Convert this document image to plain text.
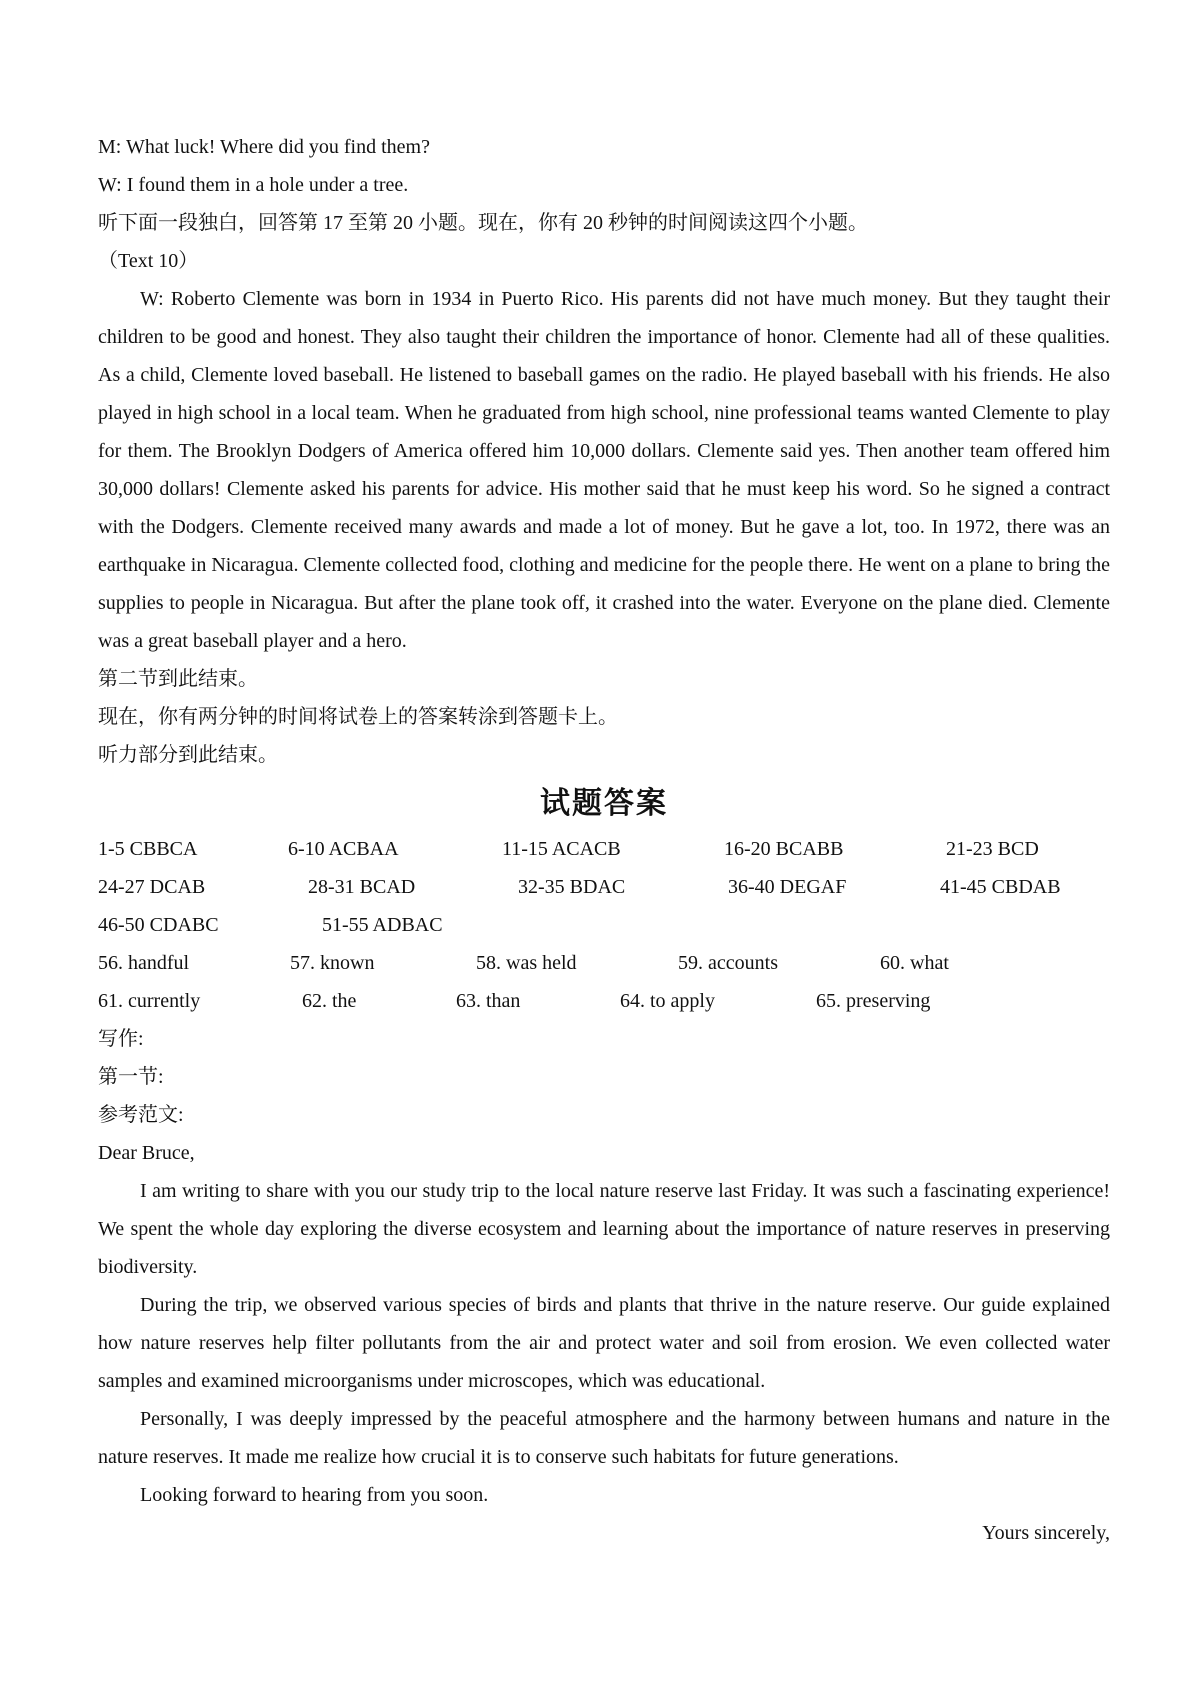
M: What luck! Where did you find them?
W: I found them in a hole under a tree.
听下面一段独白，回答第 17 至第 20 小题。现在，你有 20 秒钟的时间阅读这四个小题。
（Text 10）
W: Roberto Clemente was born in 1934 in Puerto Rico. His parents did not have much money. But they taught their children to be good and honest. They also taught their children the importance of honor. Clemente had all of these qualities. As a child, Clemente loved baseball. He listened to baseball games on the radio. He played baseball with his friends. He also played in high school in a local team. When he graduated from high school, nine professional teams wanted Clemente to play for them. The Brooklyn Dodgers of America offered him 10,000 dollars. Clemente said yes. Then another team offered him 30,000 dollars! Clemente asked his parents for advice. His mother said that he must keep his word. So he signed a contract with the Dodgers. Clemente received many awards and made a lot of money. But he gave a lot, too. In 1972, there was an earthquake in Nicaragua. Clemente collected food, clothing and medicine for the people there. He went on a plane to bring the supplies to people in Nicaragua. But after the plane took off, it crashed into the water. Everyone on the plane died. Clemente was a great baseball player and a hero.
第二节到此结束。
现在，你有两分钟的时间将试卷上的答案转涂到答题卡上。
听力部分到此结束。
试题答案
1-5 CBBCA	6-10 ACBAA	11-15 ACACB	16-20 BCABB	21-23 BCD
24-27 DCAB	28-31 BCAD	32-35 BDAC	36-40 DEGAF	41-45 CBDAB
46-50 CDABC	51-55 ADBAC
56. handful	57. known	58. was held	59. accounts	60. what
61. currently	62. the	63. than	64. to apply	65. preserving
写作:
第一节:
参考范文:
Dear Bruce,
I am writing to share with you our study trip to the local nature reserve last Friday. It was such a fascinating experience! We spent the whole day exploring the diverse ecosystem and learning about the importance of nature reserves in preserving biodiversity.
During the trip, we observed various species of birds and plants that thrive in the nature reserve. Our guide explained how nature reserves help filter pollutants from the air and protect water and soil from erosion. We even collected water samples and examined microorganisms under microscopes, which was educational.
Personally, I was deeply impressed by the peaceful atmosphere and the harmony between humans and nature in the nature reserves. It made me realize how crucial it is to conserve such habitats for future generations.
Looking forward to hearing from you soon.
Yours sincerely,
